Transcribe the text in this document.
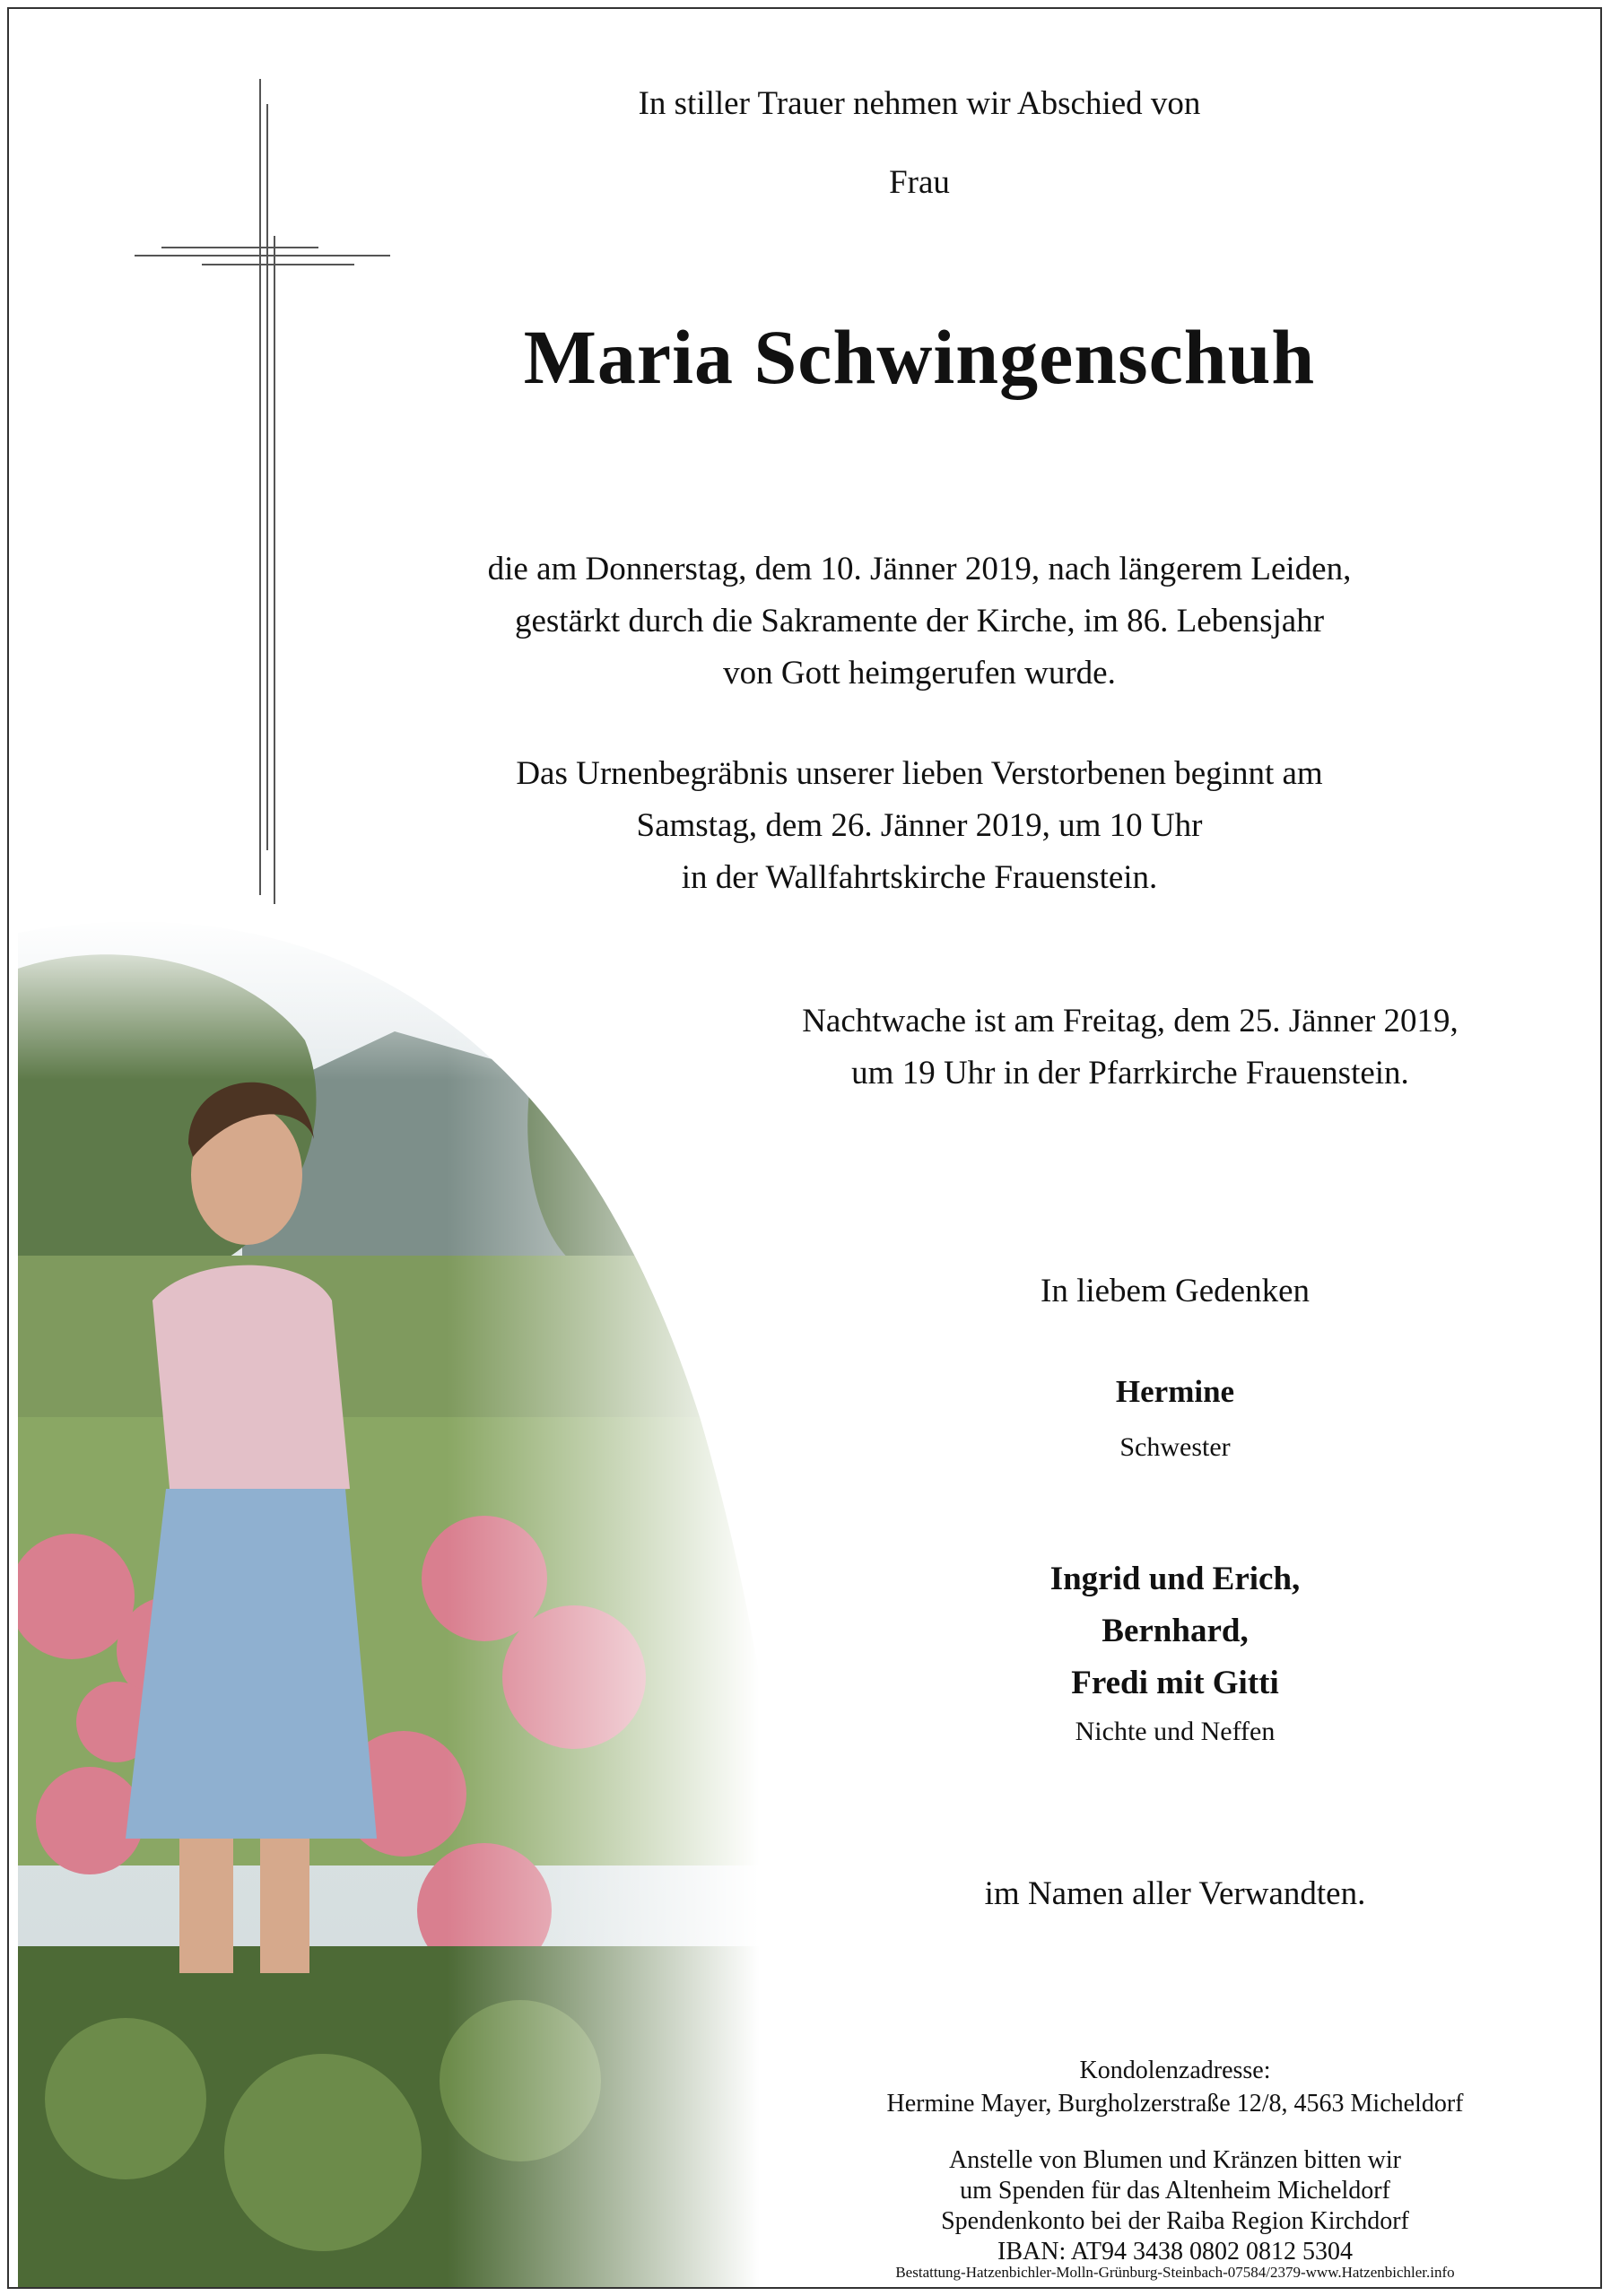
In stiller Trauer nehmen wir Abschied von
Frau
Maria Schwingenschuh
die am Donnerstag, dem 10. Jänner 2019, nach längerem Leiden,
gestärkt durch die Sakramente der Kirche, im 86. Lebensjahr
von Gott heimgerufen wurde.
Das Urnenbegräbnis unserer lieben Verstorbenen beginnt am
Samstag, dem 26. Jänner 2019, um 10 Uhr
in der Wallfahrtskirche Frauenstein.
Nachtwache ist am Freitag, dem 25. Jänner 2019,
um 19 Uhr in der Pfarrkirche Frauenstein.
In liebem Gedenken
Hermine
Schwester
Ingrid und Erich,
Bernhard,
Fredi mit Gitti
Nichte und Neffen
im Namen aller Verwandten.
Kondolenzadresse:
Hermine Mayer, Burgholzerstraße 12/8, 4563 Micheldorf
Anstelle von Blumen und Kränzen bitten wir
um Spenden für das Altenheim Micheldorf
Spendenkonto bei der Raiba Region Kirchdorf
IBAN: AT94 3438 0802 0812 5304
Bestattung-Hatzenbichler-Molln-Grünburg-Steinbach-07584/2379-www.Hatzenbichler.info
